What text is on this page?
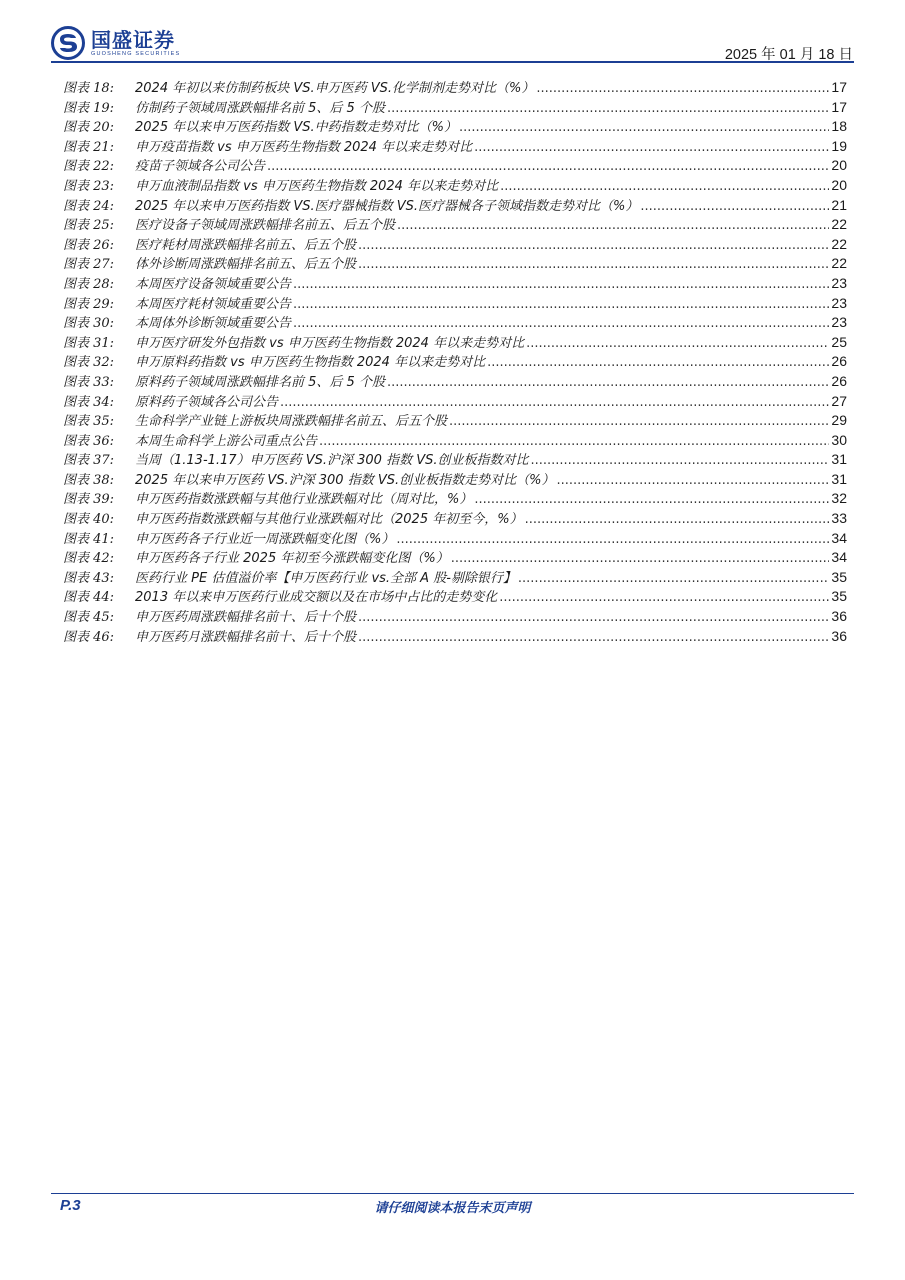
国盛证券
GUOSHENG SECURITIES	2025 年 01 月 18 日
图表 18:	2024 年初以来仿制药板块 VS.申万医药 VS.化学制剂走势对比（%） .....	17
图表 19:	仿制药子领域周涨跌幅排名前 5、后 5 个股 .....	17
图表 20:	2025 年以来申万医药指数 VS.中药指数走势对比（%） .....	18
图表 21:	申万疫苗指数 vs 申万医药生物指数 2024 年以来走势对比 .....	19
图表 22:	疫苗子领域各公司公告 .....	20
图表 23:	申万血液制品指数 vs 申万医药生物指数 2024 年以来走势对比 .....	20
图表 24:	2025 年以来申万医药指数 VS.医疗器械指数 VS.医疗器械各子领域指数走势对比（%） .....	21
图表 25:	医疗设备子领域周涨跌幅排名前五、后五个股 .....	22
图表 26:	医疗耗材周涨跌幅排名前五、后五个股 .....	22
图表 27:	体外诊断周涨跌幅排名前五、后五个股 .....	22
图表 28:	本周医疗设备领域重要公告 .....	23
图表 29:	本周医疗耗材领域重要公告 .....	23
图表 30:	本周体外诊断领域重要公告 .....	23
图表 31:	申万医疗研发外包指数 vs 申万医药生物指数 2024 年以来走势对比 .....	25
图表 32:	申万原料药指数 vs 申万医药生物指数 2024 年以来走势对比 .....	26
图表 33:	原料药子领域周涨跌幅排名前 5、后 5 个股 .....	26
图表 34:	原料药子领域各公司公告 .....	27
图表 35:	生命科学产业链上游板块周涨跌幅排名前五、后五个股 .....	29
图表 36:	本周生命科学上游公司重点公告 .....	30
图表 37:	当周（1.13-1.17）申万医药 VS.沪深 300 指数 VS.创业板指数对比 .....	31
图表 38:	2025 年以来申万医药 VS.沪深 300 指数 VS.创业板指数走势对比（%） .....	31
图表 39:	申万医药指数涨跌幅与其他行业涨跌幅对比（周对比，%） .....	32
图表 40:	申万医药指数涨跌幅与其他行业涨跌幅对比（2025 年初至今，%） .....	33
图表 41:	申万医药各子行业近一周涨跌幅变化图（%） .....	34
图表 42:	申万医药各子行业 2025 年初至今涨跌幅变化图（%） .....	34
图表 43:	医药行业 PE 估值溢价率【申万医药行业 vs.全部 A 股-剔除银行】 .....	35
图表 44:	2013 年以来申万医药行业成交额以及在市场中占比的走势变化 .....	35
图表 45:	申万医药周涨跌幅排名前十、后十个股 .....	36
图表 46:	申万医药月涨跌幅排名前十、后十个股 .....	36
P.3	请仔细阅读本报告末页声明
